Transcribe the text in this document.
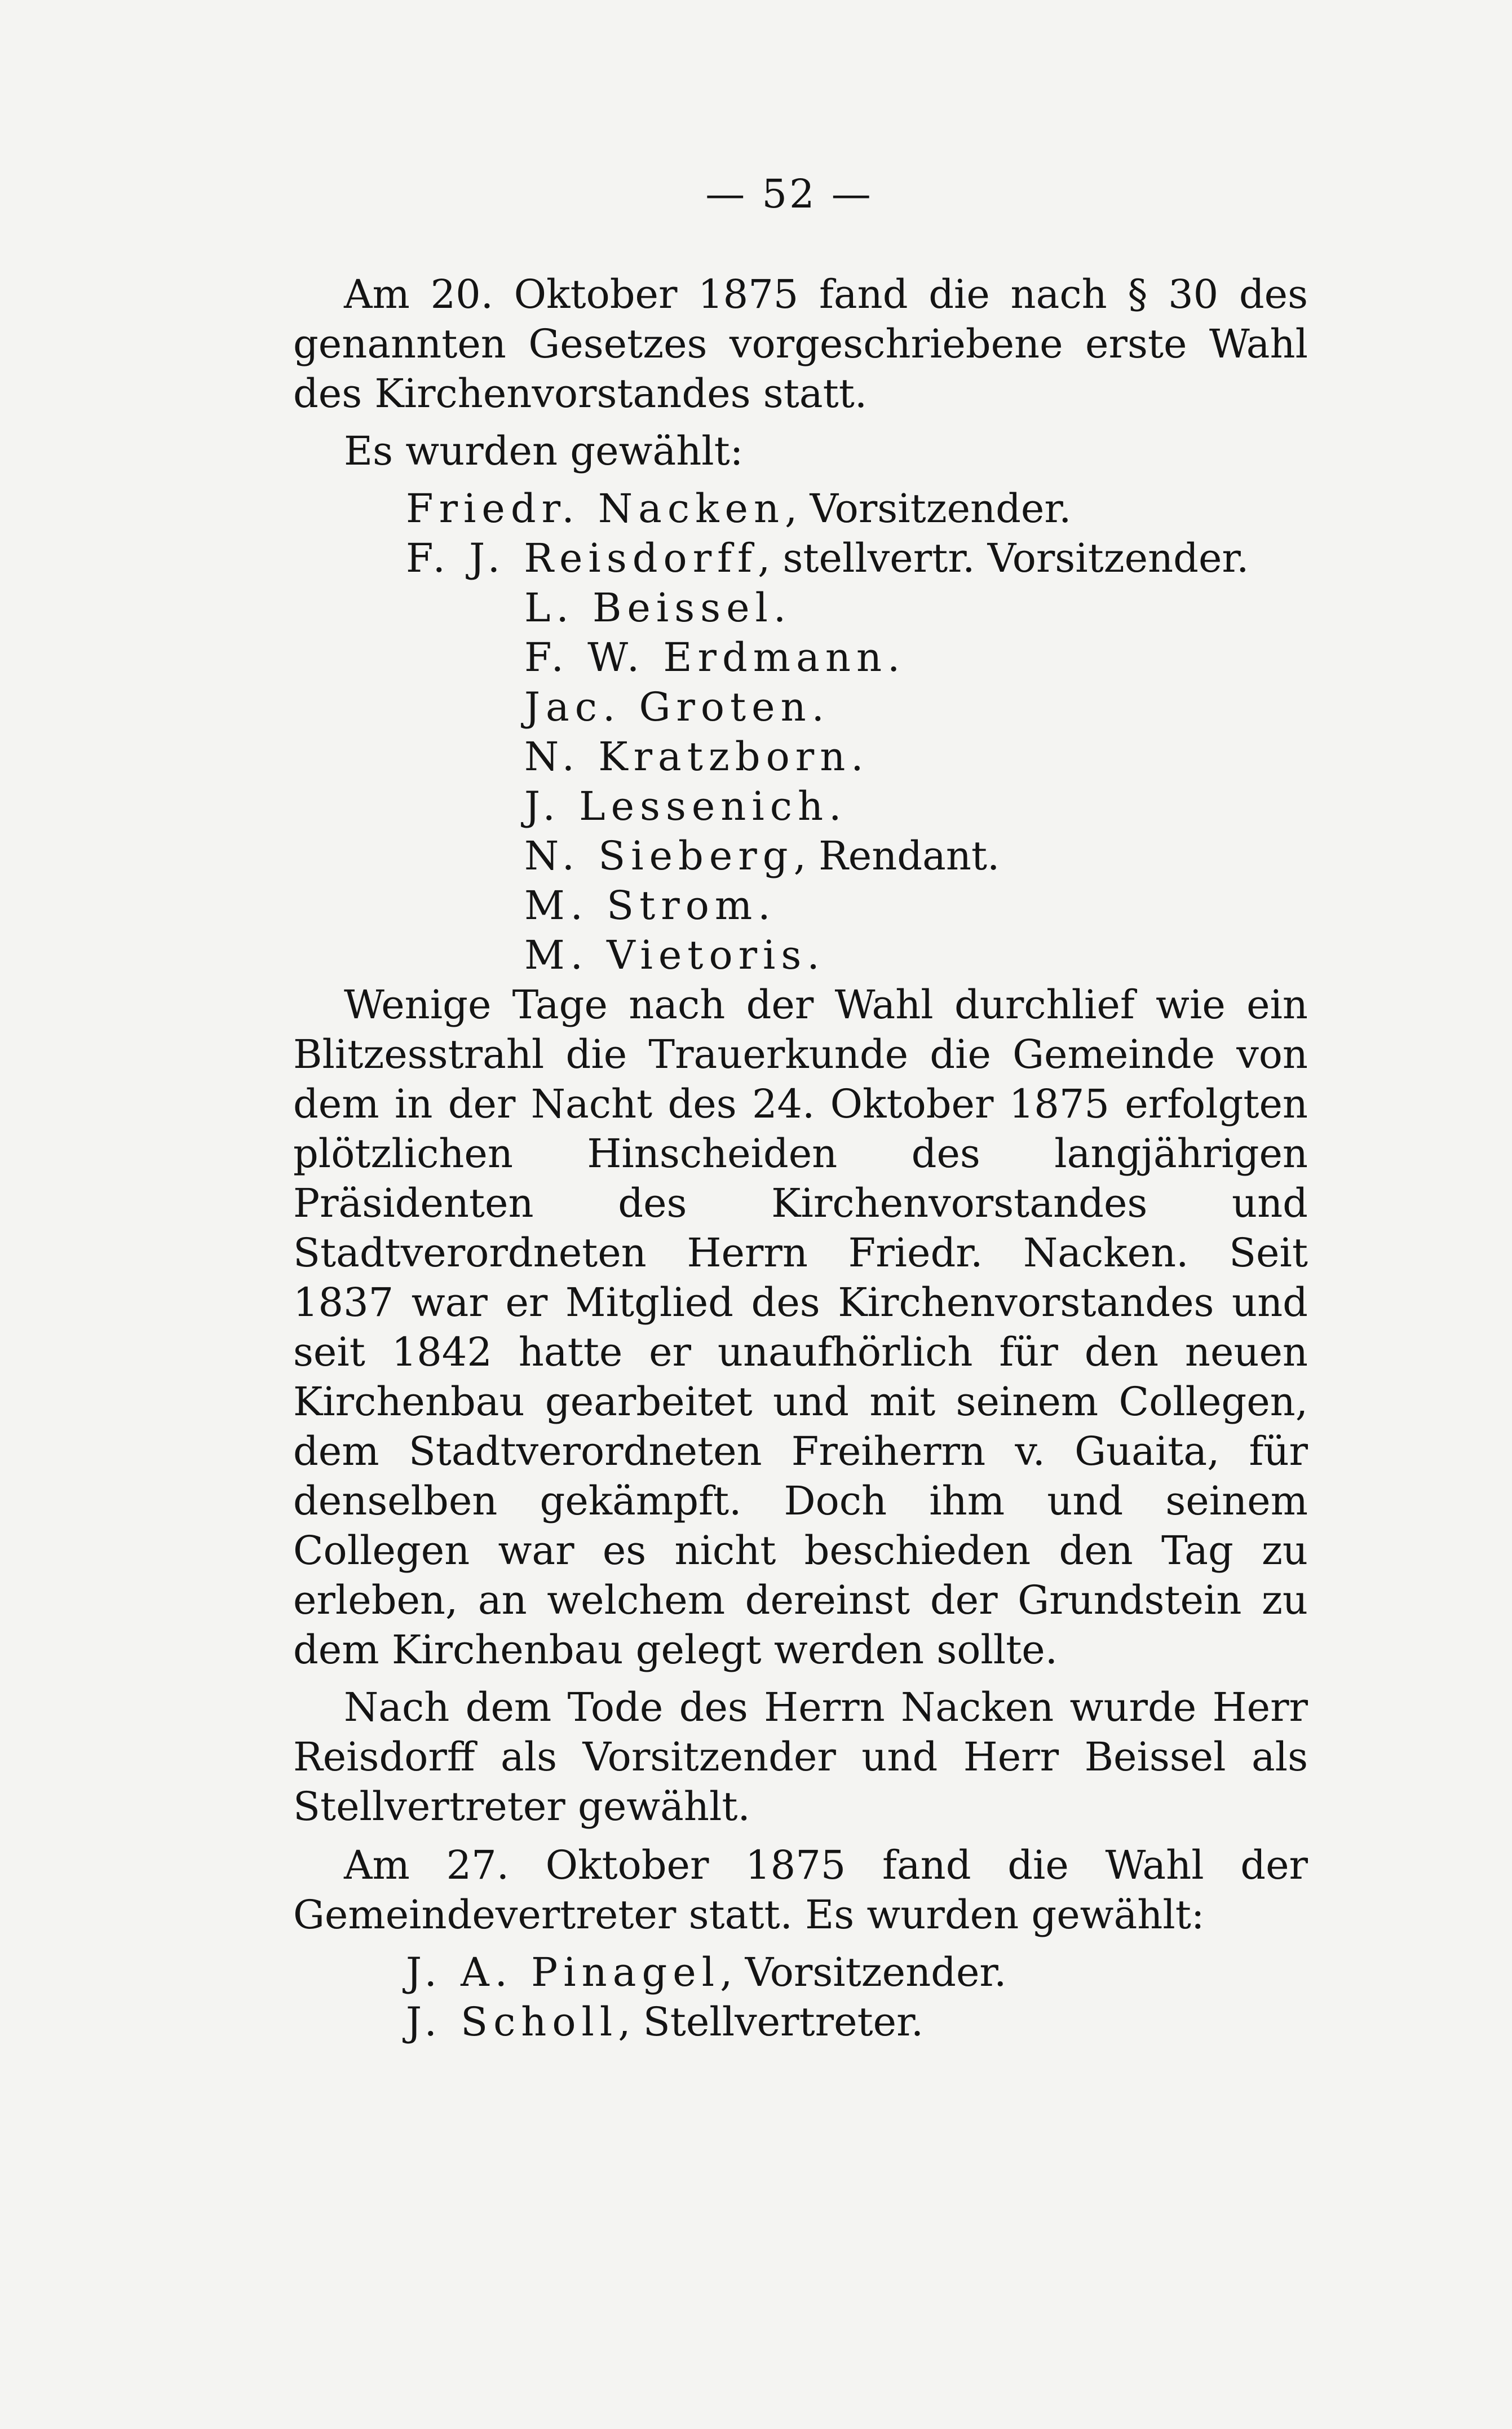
— 52 —

Am 20. Oktober 1875 fand die nach § 30 des genannten Gesetzes vorgeschriebene erste Wahl des Kirchenvorstandes statt.

Es wurden gewählt:

Friedr. Nacken, Vorsitzender.
F. J. Reisdorff, stellvertr. Vorsitzender.
L. Beissel.
F. W. Erdmann.
Jac. Groten.
N. Kratzborn.
J. Lessenich.
N. Sieberg, Rendant.
M. Strom.
M. Vietoris.

Wenige Tage nach der Wahl durchlief wie ein Blitzesstrahl die Trauerkunde die Gemeinde von dem in der Nacht des 24. Oktober 1875 erfolgten plötzlichen Hinscheiden des langjährigen Präsidenten des Kirchenvorstandes und Stadtverordneten Herrn Friedr. Nacken. Seit 1837 war er Mitglied des Kirchenvorstandes und seit 1842 hatte er unaufhörlich für den neuen Kirchenbau gearbeitet und mit seinem Collegen, dem Stadtverordneten Freiherrn v. Guaita, für denselben gekämpft. Doch ihm und seinem Collegen war es nicht beschieden den Tag zu erleben, an welchem dereinst der Grundstein zu dem Kirchenbau gelegt werden sollte.

Nach dem Tode des Herrn Nacken wurde Herr Reisdorff als Vorsitzender und Herr Beissel als Stellvertreter gewählt.

Am 27. Oktober 1875 fand die Wahl der Gemeindevertreter statt. Es wurden gewählt:

J. A. Pinagel, Vorsitzender.
J. Scholl, Stellvertreter.
